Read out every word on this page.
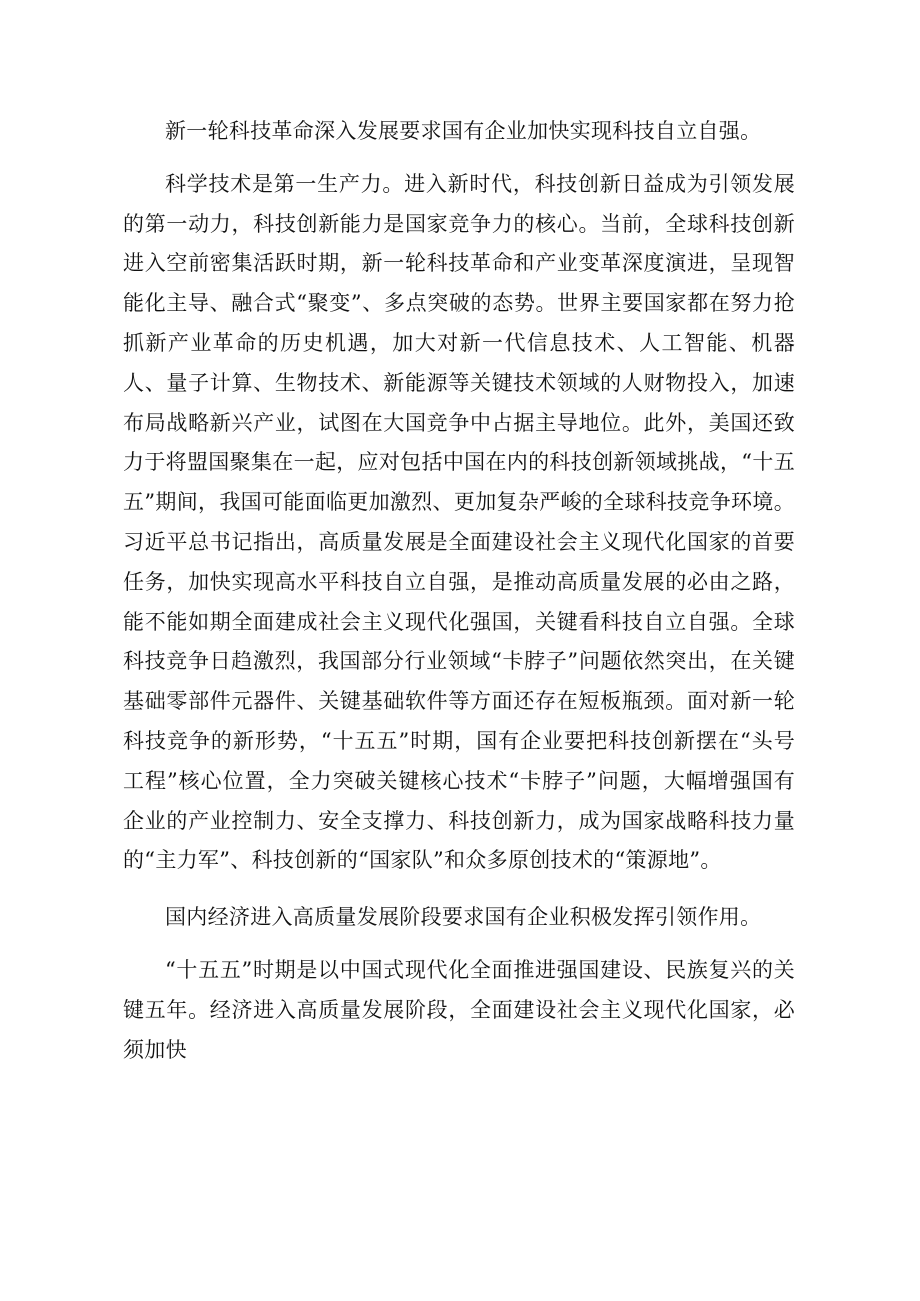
新一轮科技革命深入发展要求国有企业加快实现科技自立自强。

科学技术是第一生产力。进入新时代，科技创新日益成为引领发展的第一动力，科技创新能力是国家竞争力的核心。当前，全球科技创新进入空前密集活跃时期，新一轮科技革命和产业变革深度演进，呈现智能化主导、融合式“聚变”、多点突破的态势。世界主要国家都在努力抢抓新产业革命的历史机遇，加大对新一代信息技术、人工智能、机器人、量子计算、生物技术、新能源等关键技术领域的人财物投入，加速布局战略新兴产业，试图在大国竞争中占据主导地位。此外，美国还致力于将盟国聚集在一起，应对包括中国在内的科技创新领域挑战，“十五五”期间，我国可能面临更加激烈、更加复杂严峻的全球科技竞争环境。习近平总书记指出，高质量发展是全面建设社会主义现代化国家的首要任务，加快实现高水平科技自立自强，是推动高质量发展的必由之路，能不能如期全面建成社会主义现代化强国，关键看科技自立自强。全球科技竞争日趋激烈，我国部分行业领域“卡脖子”问题依然突出，在关键基础零部件元器件、关键基础软件等方面还存在短板瓶颈。面对新一轮科技竞争的新形势，“十五五”时期，国有企业要把科技创新摆在“头号工程”核心位置，全力突破关键核心技术“卡脖子”问题，大幅增强国有企业的产业控制力、安全支撑力、科技创新力，成为国家战略科技力量的“主力军”、科技创新的“国家队”和众多原创技术的“策源地”。

国内经济进入高质量发展阶段要求国有企业积极发挥引领作用。

“十五五”时期是以中国式现代化全面推进强国建设、民族复兴的关键五年。经济进入高质量发展阶段，全面建设社会主义现代化国家，必须加快
